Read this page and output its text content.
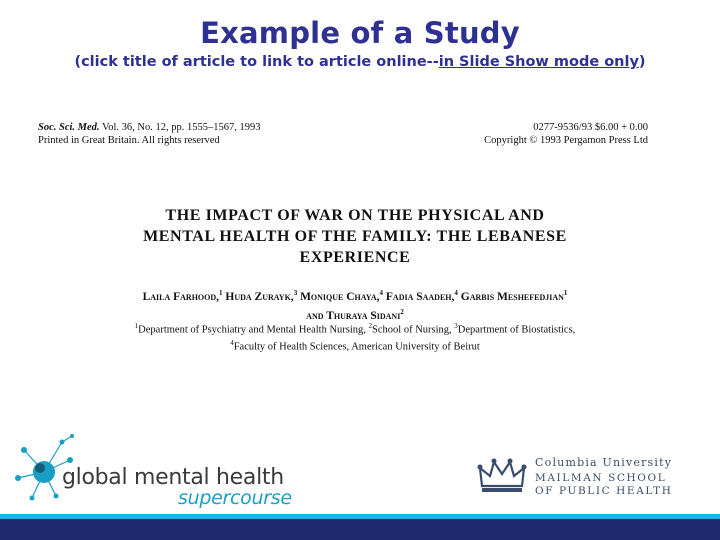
Example of a Study
(click title of article to link to article online--in Slide Show mode only)
Soc. Sci. Med. Vol. 36, No. 12, pp. 1555–1567, 1993
Printed in Great Britain. All rights reserved
0277-9536/93 $6.00 + 0.00
Copyright © 1993 Pergamon Press Ltd
THE IMPACT OF WAR ON THE PHYSICAL AND
MENTAL HEALTH OF THE FAMILY: THE LEBANESE
EXPERIENCE
Laila Farhood,$^1$ Huda Zurayk,$^3$ Monique Chaya,$^4$ Fadia Saadeh,$^4$ Garbis Meshefedjian$^1$
and Thuraya Sidani$^2$
$^1$Department of Psychiatry and Mental Health Nursing, $^2$School of Nursing, $^3$Department of Biostatistics,
$^4$Faculty of Health Sciences, American University of Beirut
global mental health
supercourse
Columbia University
MAILMAN SCHOOL
OF PUBLIC HEALTH
